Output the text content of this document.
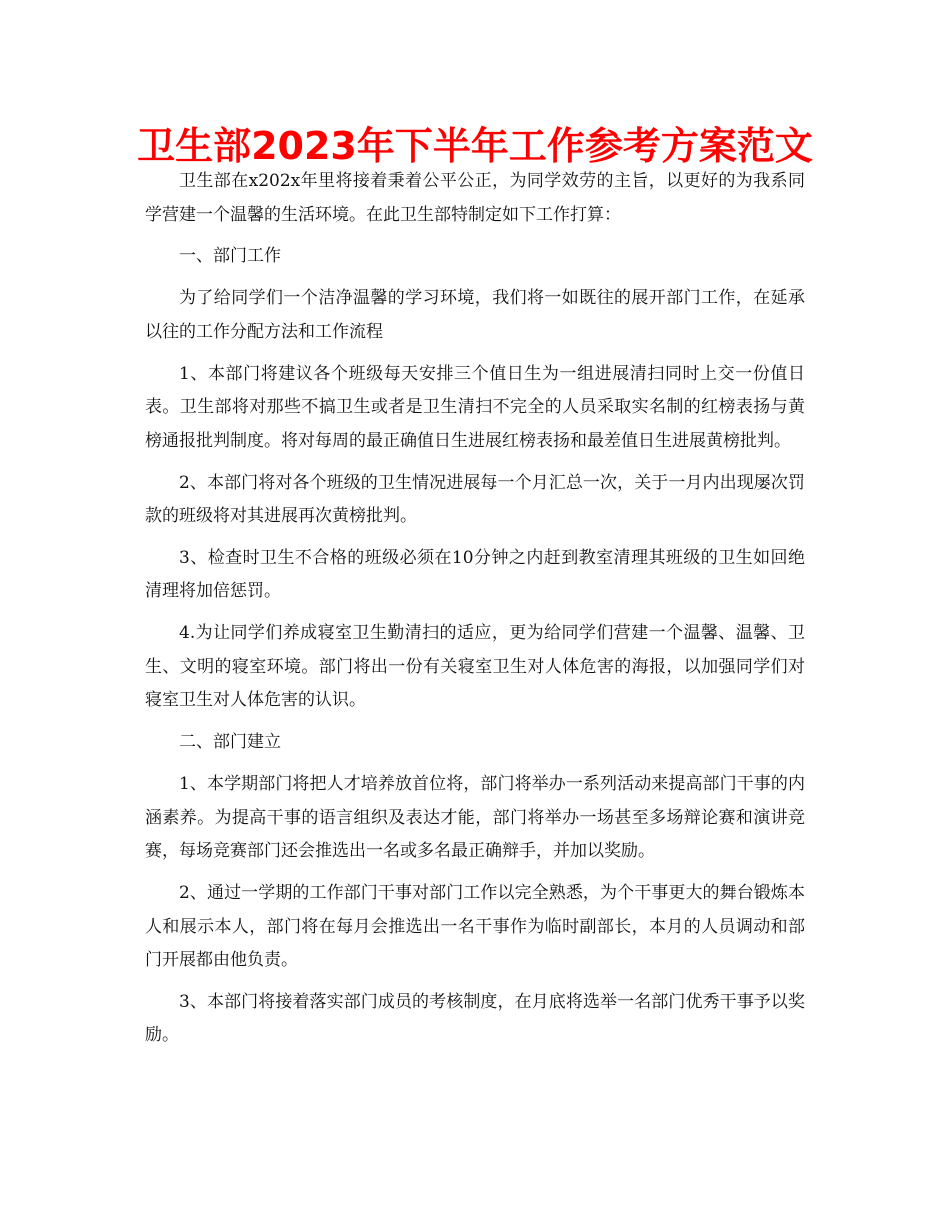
卫生部2023年下半年工作参考方案范文

卫生部在x202x年里将接着秉着公平公正，为同学效劳的主旨，以更好的为我系同学营建一个温馨的生活环境。在此卫生部特制定如下工作打算：

一、部门工作

为了给同学们一个洁净温馨的学习环境，我们将一如既往的展开部门工作，在延承以往的工作分配方法和工作流程

1、本部门将建议各个班级每天安排三个值日生为一组进展清扫同时上交一份值日表。卫生部将对那些不搞卫生或者是卫生清扫不完全的人员采取实名制的红榜表扬与黄榜通报批判制度。将对每周的最正确值日生进展红榜表扬和最差值日生进展黄榜批判。

2、本部门将对各个班级的卫生情况进展每一个月汇总一次，关于一月内出现屡次罚款的班级将对其进展再次黄榜批判。

3、检查时卫生不合格的班级必须在10分钟之内赶到教室清理其班级的卫生如回绝清理将加倍惩罚。

4.为让同学们养成寝室卫生勤清扫的适应，更为给同学们营建一个温馨、温馨、卫生、文明的寝室环境。部门将出一份有关寝室卫生对人体危害的海报，以加强同学们对寝室卫生对人体危害的认识。

二、部门建立

1、本学期部门将把人才培养放首位将，部门将举办一系列活动来提高部门干事的内涵素养。为提高干事的语言组织及表达才能，部门将举办一场甚至多场辩论赛和演讲竞赛，每场竞赛部门还会推选出一名或多名最正确辩手，并加以奖励。

2、通过一学期的工作部门干事对部门工作以完全熟悉，为个干事更大的舞台锻炼本人和展示本人，部门将在每月会推选出一名干事作为临时副部长，本月的人员调动和部门开展都由他负责。

3、本部门将接着落实部门成员的考核制度，在月底将选举一名部门优秀干事予以奖励。
